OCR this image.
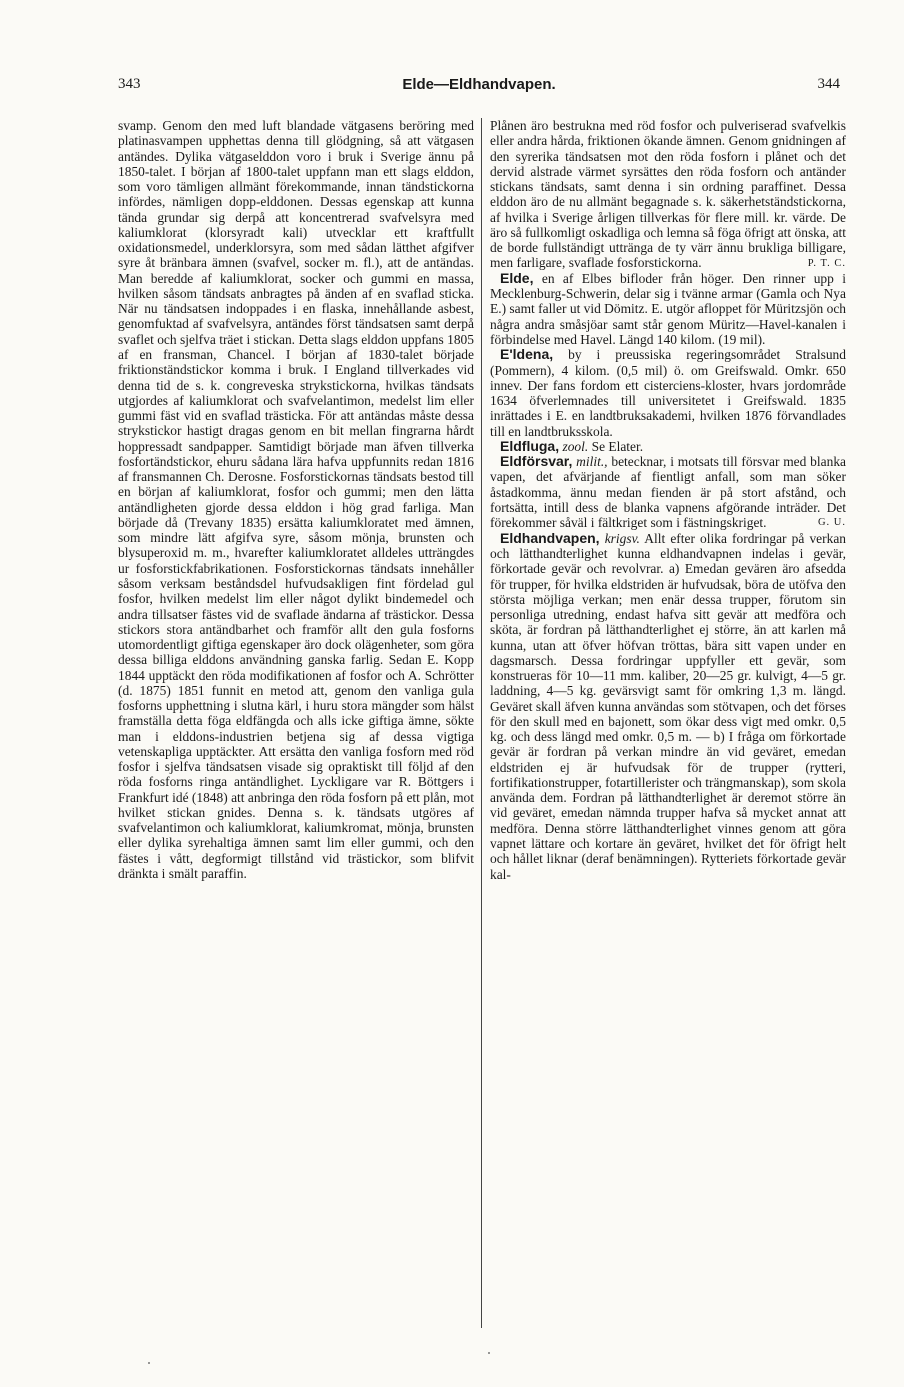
343	Elde—Eldhandvapen.	344

svamp. Genom den med luft blandade vätgasens beröring med platinasvampen upphettas denna till glödgning, så att vätgasen antändes. Dylika vätgaselddon voro i bruk i Sverige ännu på 1850-talet. I början af 1800-talet uppfann man ett slags elddon, som voro tämligen allmänt förekommande, innan tändstickorna infördes, nämligen dopp-elddonen. Dessas egenskap att kunna tända grundar sig derpå att koncentrerad svafvelsyra med kaliumklorat (klorsyradt kali) utvecklar ett kraftfullt oxidationsmedel, underklorsyra, som med sådan lätthet afgifver syre åt bränbara ämnen (svafvel, socker m. fl.), att de antändas. Man beredde af kaliumklorat, socker och gummi en massa, hvilken såsom tändsats anbragtes på änden af en svaflad sticka. När nu tändsatsen indoppades i en flaska, innehållande asbest, genomfuktad af svafvelsyra, antändes först tändsatsen samt derpå svaflet och sjelfva träet i stickan. Detta slags elddon uppfans 1805 af en fransman, Chancel. I början af 1830-talet började friktionständstickor komma i bruk. I England tillverkades vid denna tid de s. k. congreveska strykstickorna, hvilkas tändsats utgjordes af kaliumklorat och svafvelantimon, medelst lim eller gummi fäst vid en svaflad trästicka. För att antändas måste dessa strykstickor hastigt dragas genom en bit mellan fingrarna hårdt hoppressadt sandpapper. Samtidigt började man äfven tillverka fosfortändstickor, ehuru sådana lära hafva uppfunnits redan 1816 af fransmannen Ch. Derosne. Fosforstickornas tändsats bestod till en början af kaliumklorat, fosfor och gummi; men den lätta antändligheten gjorde dessa elddon i hög grad farliga. Man började då (Trevany 1835) ersätta kaliumkloratet med ämnen, som mindre lätt afgifva syre, såsom mönja, brunsten och blysuperoxid m. m., hvarefter kaliumkloratet alldeles utträngdes ur fosforstickfabrikationen. Fosforstickornas tändsats innehåller såsom verksam beståndsdel hufvudsakligen fint fördelad gul fosfor, hvilken medelst lim eller något dylikt bindemedel och andra tillsatser fästes vid de svaflade ändarna af trästickor. Dessa stickors stora antändbarhet och framför allt den gula fosforns utomordentligt giftiga egenskaper äro dock olägenheter, som göra dessa billiga elddons användning ganska farlig. Sedan E. Kopp 1844 upptäckt den röda modifikationen af fosfor och A. Schrötter (d. 1875) 1851 funnit en metod att, genom den vanliga gula fosforns upphettning i slutna kärl, i huru stora mängder som hälst framställa detta föga eldfängda och alls icke giftiga ämne, sökte man i elddons-industrien betjena sig af dessa vigtiga vetenskapliga upptäckter. Att ersätta den vanliga fosforn med röd fosfor i sjelfva tändsatsen visade sig opraktiskt till följd af den röda fosforns ringa antändlighet. Lyckligare var R. Böttgers i Frankfurt idé (1848) att anbringa den röda fosforn på ett plån, mot hvilket stickan gnides. Denna s. k. tändsats utgöres af svafvelantimon och kaliumklorat, kaliumkromat, mönja, brunsten eller dylika syrehaltiga ämnen samt lim eller gummi, och den fästes i vått, degformigt tillstånd vid trästickor, som blifvit dränkta i smält paraffin.

Plånen äro bestrukna med röd fosfor och pulveriserad svafvelkis eller andra hårda, friktionen ökande ämnen. Genom gnidningen af den syrerika tändsatsen mot den röda fosforn i plånet och det dervid alstrade värmet syrsättes den röda fosforn och antänder stickans tändsats, samt denna i sin ordning paraffinet. Dessa elddon äro de nu allmänt begagnade s. k. säkerhetständstickorna, af hvilka i Sverige årligen tillverkas för flere mill. kr. värde. De äro så fullkomligt oskadliga och lemna så föga öfrigt att önska, att de borde fullständigt uttränga de ty värr ännu brukliga billigare, men farligare, svaflade fosforstickorna.	P. T. C.

Elde, en af Elbes bifloder från höger. Den rinner upp i Mecklenburg-Schwerin, delar sig i tvänne armar (Gamla och Nya E.) samt faller ut vid Dömitz. E. utgör afloppet för Müritzsjön och några andra småsjöar samt står genom Müritz—Havel-kanalen i förbindelse med Havel. Längd 140 kilom. (19 mil).

E'ldena, by i preussiska regeringsområdet Stralsund (Pommern), 4 kilom. (0,5 mil) ö. om Greifswald. Omkr. 650 innev. Der fans fordom ett cisterciens-kloster, hvars jordområde 1634 öfverlemnades till universitetet i Greifswald. 1835 inrättades i E. en landtbruksakademi, hvilken 1876 förvandlades till en landtbruksskola.

Eldfluga, zool. Se Elater.

Eldförsvar, milit., betecknar, i motsats till försvar med blanka vapen, det afvärjande af fientligt anfall, som man söker åstadkomma, ännu medan fienden är på stort afstånd, och fortsätta, intill dess de blanka vapnens afgörande inträder. Det förekommer såväl i fältkriget som i fästningskriget.	G. U.

Eldhandvapen, krigsv. Allt efter olika fordringar på verkan och lätthandterlighet kunna eldhandvapnen indelas i gevär, förkortade gevär och revolvrar. a) Emedan gevären äro afsedda för trupper, för hvilka eldstriden är hufvudsak, böra de utöfva den största möjliga verkan; men enär dessa trupper, förutom sin personliga utredning, endast hafva sitt gevär att medföra och sköta, är fordran på lätthandterlighet ej större, än att karlen må kunna, utan att öfver höfvan tröttas, bära sitt vapen under en dagsmarsch. Dessa fordringar uppfyller ett gevär, som konstrueras för 10—11 mm. kaliber, 20—25 gr. kulvigt, 4—5 gr. laddning, 4—5 kg. gevärsvigt samt för omkring 1,3 m. längd. Geväret skall äfven kunna användas som stötvapen, och det förses för den skull med en bajonett, som ökar dess vigt med omkr. 0,5 kg. och dess längd med omkr. 0,5 m. — b) I fråga om förkortade gevär är fordran på verkan mindre än vid geväret, emedan eldstriden ej är hufvudsak för de trupper (rytteri, fortifikationstrupper, fotartillerister och trängmanskap), som skola använda dem. Fordran på lätthandterlighet är deremot större än vid geväret, emedan nämnda trupper hafva så mycket annat att medföra. Denna större lätthandterlighet vinnes genom att göra vapnet lättare och kortare än geväret, hvilket det för öfrigt helt och hållet liknar (deraf benämningen). Rytteriets förkortade gevär kal-
